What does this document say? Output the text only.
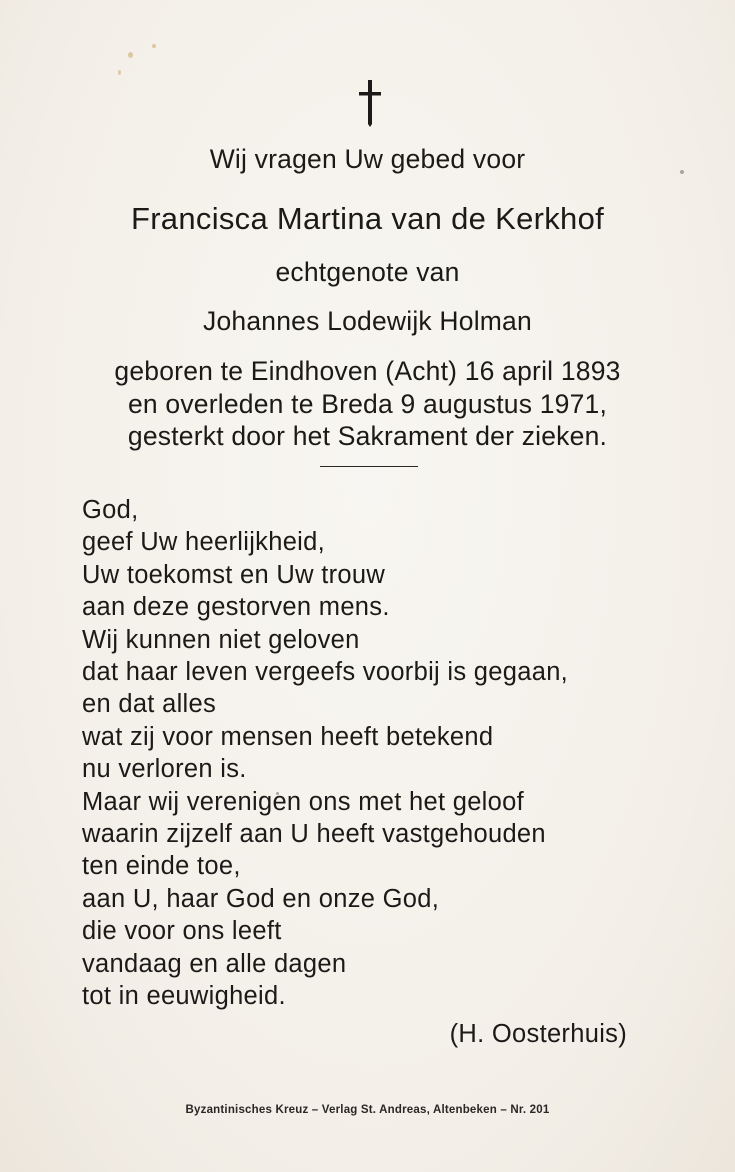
Wij vragen Uw gebed voor
Francisca Martina van de Kerkhof
echtgenote van
Johannes Lodewijk Holman
geboren te Eindhoven (Acht) 16 april 1893
en overleden te Breda 9 augustus 1971,
gesterkt door het Sakrament der zieken.
God,
geef Uw heerlijkheid,
Uw toekomst en Uw trouw
aan deze gestorven mens.
Wij kunnen niet geloven
dat haar leven vergeefs voorbij is gegaan,
en dat alles
wat zij voor mensen heeft betekend
nu verloren is.
Maar wij verenigen ons met het geloof
waarin zijzelf aan U heeft vastgehouden
ten einde toe,
aan U, haar God en onze God,
die voor ons leeft
vandaag en alle dagen
tot in eeuwigheid.
(H. Oosterhuis)
Byzantinisches Kreuz – Verlag St. Andreas, Altenbeken – Nr. 201
